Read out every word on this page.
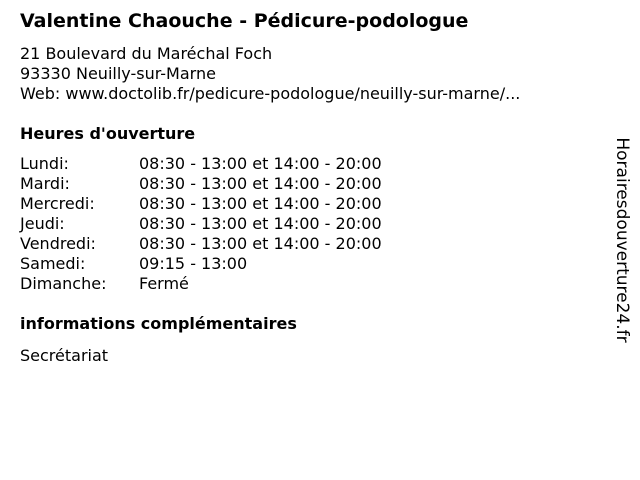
Valentine Chaouche - Pédicure-podologue
21 Boulevard du Maréchal Foch
93330 Neuilly-sur-Marne
Web: www.doctolib.fr/pedicure-podologue/neuilly-sur-marne/...
Heures d'ouverture
Lundi:	08:30 - 13:00 et 14:00 - 20:00
Mardi:	08:30 - 13:00 et 14:00 - 20:00
Mercredi:	08:30 - 13:00 et 14:00 - 20:00
Jeudi:	08:30 - 13:00 et 14:00 - 20:00
Vendredi:	08:30 - 13:00 et 14:00 - 20:00
Samedi:	09:15 - 13:00
Dimanche: Fermé
informations complémentaires
Secrétariat
Horairesdouverture24.fr
